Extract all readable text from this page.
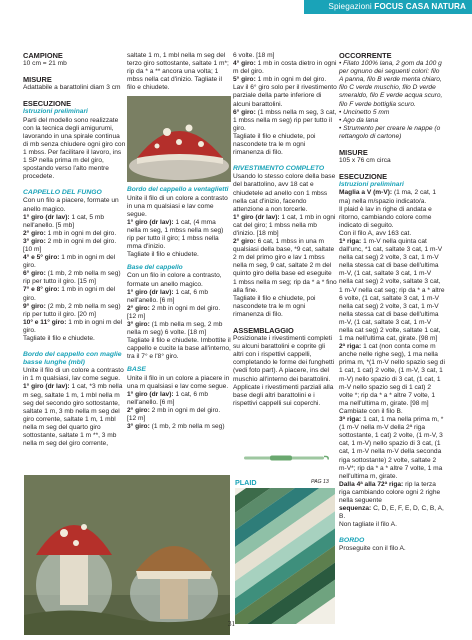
Spiegazioni FOCUS CASA NATURA

CAMPIONE

10 cm = 21 mb

MISURE

Adattabile a barattolini diam 3 cm

ESECUZIONE

Istruzioni preliminari

Parti del modello sono realizzate con la tecnica degli amigurumi, lavorando in una spirale continua di mb senza chiudere ogni giro con 1 mbss. Per facilitare il lavoro, ins 1 SP nella prima m del giro, spostando verso l'alto mentre procedete.

CAPPELLO DEL FUNGO

Con un filo a piacere, formate un anello magico.

1° giro (dr lav): 1 cat, 5 mb nell'anello. [5 mb]

2° giro: 1 mb in ogni m del giro.

3° giro: 2 mb in ogni m del giro. [10 m]

4° e 5° giro: 1 mb in ogni m del giro.

6° giro: (1 mb, 2 mb nella m seg) rip per tutto il giro. [15 m]

7° e 8° giro: 1 mb in ogni m del giro.

9° giro: (2 mb, 2 mb nella m seg) rip per tutto il giro. [20 m]

10° e 11° giro: 1 mb in ogni m del giro.

Tagliate il filo e chiudete.

Bordo del cappello con maglie basse lunghe (mbl)

Unite il filo di un colore a contrasto in 1 m qualsiasi, lav come segue.

1° giro (dr lav): 1 cat, *3 mb nella m seg, saltate 1 m, 1 mbl nella m seg del secondo giro sottostante, saltate 1 m, 3 mb nella m seg del giro corrente, saltate 1 m, 1 mbl nella m seg del quarto giro sottostante, saltate 1 m **, 3 mb nella m seg del giro corrente,

saltate 1 m, 1 mbl nella m seg del terzo giro sottostante, saltate 1 m*; rip da * a ** ancora una volta; 1 mbss nella cat d'inizio. Tagliate il filo e chiudete.

Bordo del cappello a ventaglietti

Unite il filo di un colore a contrasto in una m qualsiasi e lav come segue.

1° giro (dr lav): 1 cat, (4 mma nella m seg, 1 mbss nella m seg) rip per tutto il giro; 1 mbss nella mma d'inizio.

Tagliate il filo e chiudete.

Base del cappello

Con un filo in colore a contrasto, formate un anello magico.

1° giro (dr lav): 1 cat, 6 mb nell'anello. [6 m]

2° giro: 2 mb in ogni m del giro. [12 m]

3° giro: (1 mb nella m seg, 2 mb nella m seg) 6 volte. [18 m]

Tagliate il filo e chiudete. Imbottite il cappello e cucite la base all'interno, tra il 7° e l'8° giro.

BASE

Unite il filo in un colore a piacere in una m qualsiasi e lav come segue.

1° giro (dr lav): 1 cat, 6 mb nell'anello. [6 m]

2° giro: 2 mb in ogni m del giro. [12 m]

3° giro: (1 mb, 2 mb nella m seg)

6 volte. [18 m]

4° giro: 1 mb in costa dietro in ogni m del giro.

5° giro: 1 mb in ogni m del giro. Lav il 6° giro solo per il rivestimento parziale della parte inferiore di alcuni barattolini.

6° giro: (1 mbss nella m seg, 3 cat, 1 mbss nella m seg) rip per tutto il giro.

Tagliate il filo e chiudete, poi nascondete tra le m ogni rimanenza di filo.

RIVESTIMENTO COMPLETO

Usando lo stesso colore della base del barattolino, avv 18 cat e chiudetele ad anello con 1 mbss nella cat d'inizio, facendo attenzione a non torcerle.

1° giro (dr lav): 1 cat, 1 mb in ogni cat del giro; 1 mbss nella mb d'inizio. [18 mb]

2° giro: 6 cat, 1 mbss in una m qualsiasi della base, *9 cat, saltate 2 m del primo giro e lav 1 mbss nella m seg, 9 cat, saltate 2 m del quinto giro della base ed eseguite 1 mbss nella m seg; rip da * a * fino alla fine.

Tagliate il filo e chiudete, poi nascondete tra le m ogni rimanenza di filo.

ASSEMBLAGGIO

Posizionate i rivestimenti completi su alcuni barattolini e coprite gli altri con i rispettivi cappelli, completando le forme dei funghetti (vedi foto part). A piacere, ins del muschio all'interno dei barattolini. Applicate i rivestimenti parziali alla base degli altri barattolini e i rispettivi cappelli sui coperchi.

PLAID	PAG 13

OCCORRENTE

• Filato 100% lana, 2 gom da 100 g per ognuno dei seguenti colori: filo A panna, filo B verde menta chiaro, filo C verde muschio, filo D verde smeraldo, filo E verde acqua scuro, filo F verde bottiglia scuro.

• Uncinetto 5 mm

• Ago da lana

• Strumento per creare le nappe (o rettangolo di cartone)

MISURE

105 x 76 cm circa

ESECUZIONE

Istruzioni preliminari

Maglia a V (m-V): (1 ma, 2 cat, 1 ma) nella m/spazio indicato/a.

Il plaid è lav in righe di andata e ritorno, cambiando colore come indicato di seguito.

Con il filo A, avv 163 cat.

1ª riga: 1 m-V nella quinta cat dall'unc, *1 cat, saltate 3 cat, 1 m-V nella cat seg) 2 volte, 3 cat, 1 m-V nella stessa cat di base dell'ultima m-V, (1 cat, saltate 3 cat, 1 m-V nella cat seg) 2 volte, saltate 3 cat, 1 m-V nella cat seg; rip da * a * altre 6 volte, (1 cat, saltate 3 cat, 1 m-V nella cat seg) 2 volte, 3 cat, 1 m-V nella stessa cat di base dell'ultima m-V, (1 cat, saltate 3 cat, 1 m-V nella cat seg) 2 volte, saltate 1 cat, 1 ma nell'ultima cat, girate. [98 m]

2ª riga: 1 cat (non conta come m anche nelle righe seg), 1 ma nella prima m, *(1 m-V nello spazio seg di 1 cat, 1 cat) 2 volte, (1 m-V, 3 cat, 1 m-V) nello spazio di 3 cat, (1 cat, 1 m-V nello spazio seg di 1 cat) 2 volte *; rip da * a * altre 7 volte, 1 ma nell'ultima m, girate. [98 m]

Cambiate con il filo B.

3ª riga: 1 cat, 1 ma nella prima m, *(1 m-V nella m-V della 2ª riga sottostante, 1 cat) 2 volte, (1 m-V, 3 cat, 1 m-V) nello spazio di 3 cat, (1 cat, 1 m-V nella m-V della seconda riga sottostante) 2 volte, saltate 2 m-V*; rip da * a * altre 7 volte, 1 ma nell'ultima m, girate.

Dalla 4ª alla 72ª riga: rip la terza riga cambiando colore ogni 2 righe nella seguente

sequenza: C, D, E, F, E, D, C, B, A, B.

Non tagliate il filo A.

BORDO

Proseguite con il filo A.

31
